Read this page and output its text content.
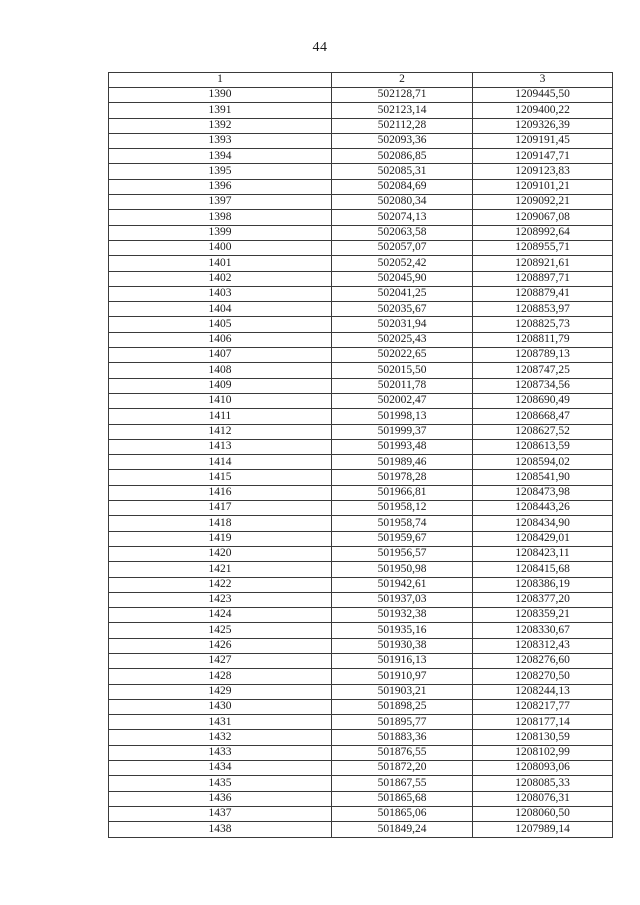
44
1	2	3
1390	502128,71	1209445,50
1391	502123,14	1209400,22
1392	502112,28	1209326,39
1393	502093,36	1209191,45
1394	502086,85	1209147,71
1395	502085,31	1209123,83
1396	502084,69	1209101,21
1397	502080,34	1209092,21
1398	502074,13	1209067,08
1399	502063,58	1208992,64
1400	502057,07	1208955,71
1401	502052,42	1208921,61
1402	502045,90	1208897,71
1403	502041,25	1208879,41
1404	502035,67	1208853,97
1405	502031,94	1208825,73
1406	502025,43	1208811,79
1407	502022,65	1208789,13
1408	502015,50	1208747,25
1409	502011,78	1208734,56
1410	502002,47	1208690,49
1411	501998,13	1208668,47
1412	501999,37	1208627,52
1413	501993,48	1208613,59
1414	501989,46	1208594,02
1415	501978,28	1208541,90
1416	501966,81	1208473,98
1417	501958,12	1208443,26
1418	501958,74	1208434,90
1419	501959,67	1208429,01
1420	501956,57	1208423,11
1421	501950,98	1208415,68
1422	501942,61	1208386,19
1423	501937,03	1208377,20
1424	501932,38	1208359,21
1425	501935,16	1208330,67
1426	501930,38	1208312,43
1427	501916,13	1208276,60
1428	501910,97	1208270,50
1429	501903,21	1208244,13
1430	501898,25	1208217,77
1431	501895,77	1208177,14
1432	501883,36	1208130,59
1433	501876,55	1208102,99
1434	501872,20	1208093,06
1435	501867,55	1208085,33
1436	501865,68	1208076,31
1437	501865,06	1208060,50
1438	501849,24	1207989,14
